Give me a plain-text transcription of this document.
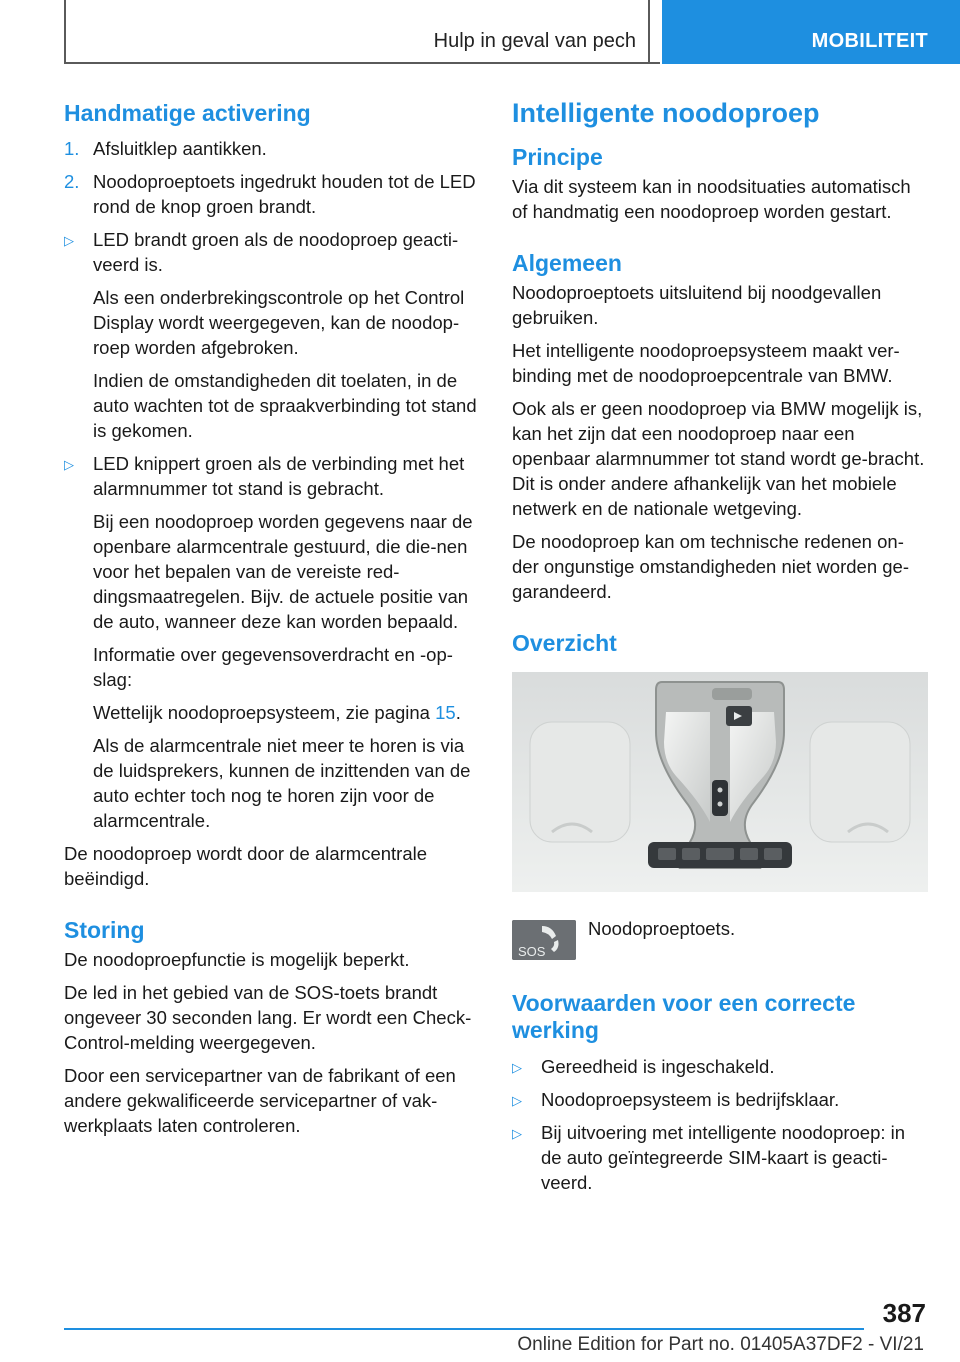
Hulp in geval van pech	MOBILITEIT
Handmatige activering
1. Afsluitklep aantikken.
2. Noodoproeptoets ingedrukt houden tot de LED rond de knop groen brandt.
▷ LED brandt groen als de noodoproep geacti‐veerd is.

Als een onderbrekingscontrole op het Control Display wordt weergegeven, kan de noodop‐roep worden afgebroken.

Indien de omstandigheden dit toelaten, in de auto wachten tot de spraakverbinding tot stand is gekomen.

▷ LED knippert groen als de verbinding met het alarmnummer tot stand is gebracht.

Bij een noodoproep worden gegevens naar de openbare alarmcentrale gestuurd, die die‐nen voor het bepalen van de vereiste red‐dingsmaatregelen. Bijv. de actuele positie van de auto, wanneer deze kan worden bepaald.

Informatie over gegevensoverdracht en -op‐slag:

Wettelijk noodoproepsysteem, zie pagina 15.

Als de alarmcentrale niet meer te horen is via de luidsprekers, kunnen de inzittenden van de auto echter toch nog te horen zijn voor de alarmcentrale.

De noodoproep wordt door de alarmcentrale beëindigd.

Storing

De noodoproepfunctie is mogelijk beperkt.

De led in het gebied van de SOS-toets brandt ongeveer 30 seconden lang. Er wordt een Check-Control-melding weergegeven.

Door een servicepartner van de fabrikant of een andere gekwalificeerde servicepartner of vak‐werkplaats laten controleren.

Intelligente noodoproep
Principe

Via dit systeem kan in noodsituaties automatisch of handmatig een noodoproep worden gestart.

Algemeen

Noodoproeptoets uitsluitend bij noodgevallen gebruiken.

Het intelligente noodoproepsysteem maakt ver‐binding met de noodoproepcentrale van BMW.

Ook als er geen noodoproep via BMW mogelijk is, kan het zijn dat een noodoproep naar een openbaar alarmnummer tot stand wordt ge‐bracht. Dit is onder andere afhankelijk van het mobiele netwerk en de nationale wetgeving.

De noodoproep kan om technische redenen on‐der ongunstige omstandigheden niet worden ge‐garandeerd.

Overzicht
SOS
Noodoproeptoets.
Voorwaarden voor een correcte werking
▷ Gereedheid is ingeschakeld.
▷ Noodoproepsysteem is bedrijfsklaar.
▷ Bij uitvoering met intelligente noodoproep: in de auto geïntegreerde SIM-kaart is geacti‐veerd.
387
Online Edition for Part no. 01405A37DF2 - VI/21
